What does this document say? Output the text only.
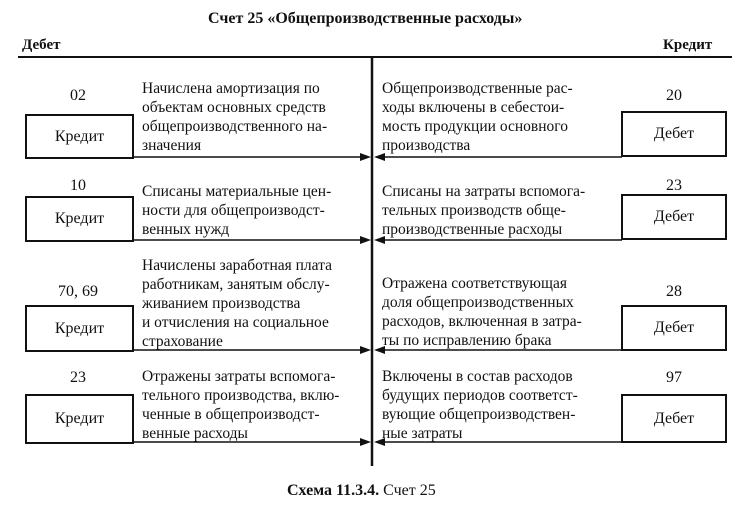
Счет 25 «Общепроизводственные расходы»
Дебет	Кредит
02
Кредит
Начислена амортизация по
объектам основных средств
общепроизводственного на-
значения
Общепроизводственные рас-
ходы включены в себестои-
мость продукции основного
производства
20
Дебет
10
Кредит
Списаны материальные цен-
ности для общепроизводст-
венных нужд
Списаны на затраты вспомога-
тельных производств обще-
производственные расходы
23
Дебет
70, 69
Кредит
Начислены заработная плата
работникам, занятым обслу-
живанием производства
и отчисления на социальное
страхование
Отражена соответствующая
доля общепроизводственных
расходов, включенная в затра-
ты по исправлению брака
28
Дебет
23
Кредит
Отражены затраты вспомога-
тельного производства, вклю-
ченные в общепроизводст-
венные расходы
Включены в состав расходов
будущих периодов соответст-
вующие общепроизводствен-
ные затраты
97
Дебет
Схема 11.3.4. Счет 25
